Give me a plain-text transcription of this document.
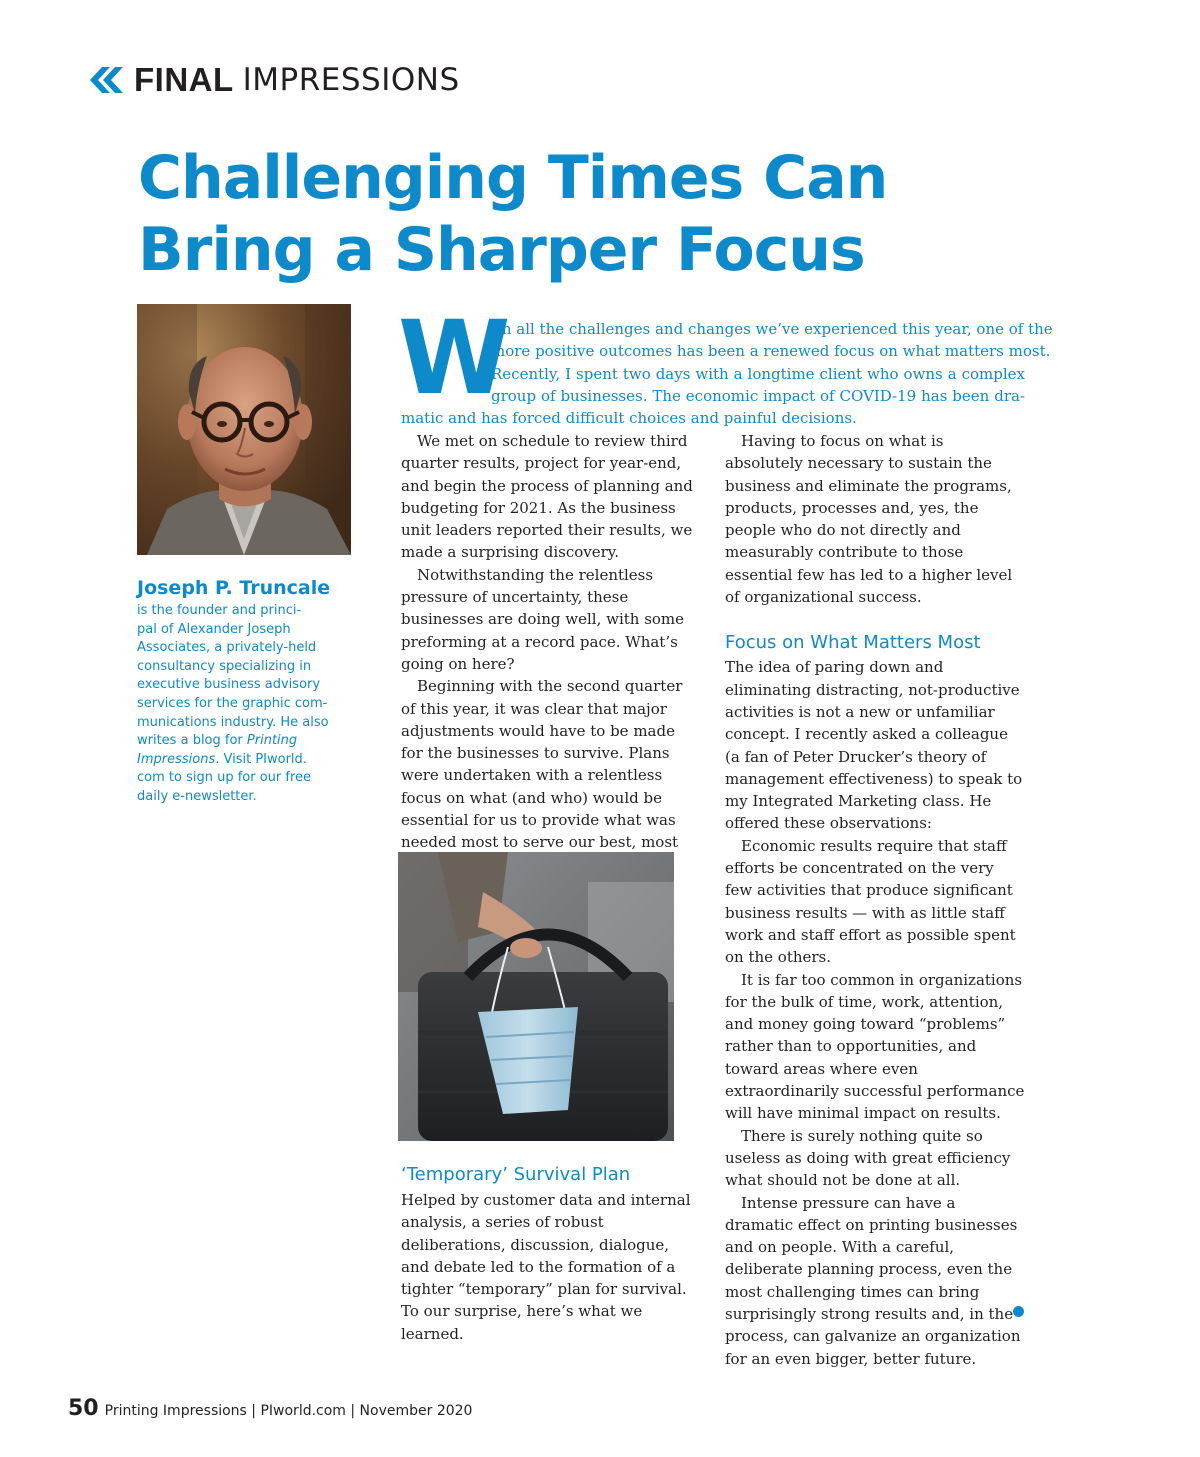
FINAL IMPRESSIONS
Challenging Times Can
Bring a Sharper Focus
Joseph P. Truncale
is the founder and princi-
pal of Alexander Joseph
Associates, a privately-held
consultancy specializing in
executive business advisory
services for the graphic com-
munications industry. He also
writes a blog for Printing
Impressions. Visit PIworld.
com to sign up for our free
daily e-newsletter.
W
ith all the challenges and changes we’ve experienced this year, one of the
more positive outcomes has been a renewed focus on what matters most.
Recently, I spent two days with a longtime client who owns a complex
group of businesses. The economic impact of COVID-19 has been dra-
matic and has forced difficult choices and painful decisions.

We met on schedule to review third quarter results, project for year-end, and begin the process of planning and budgeting for 2021. As the business unit leaders reported their results, we made a surprising discovery.

Notwithstanding the relentless pressure of uncertainty, these businesses are doing well, with some preforming at a record pace. What’s going on here?

Beginning with the second quarter of this year, it was clear that major adjustments would have to be made for the businesses to survive. Plans were undertaken with a relentless focus on what (and who) would be essential for us to provide what was needed most to serve our best, most

‘Temporary’ Survival Plan

Helped by customer data and internal analysis, a series of robust deliberations, discussion, dialogue, and debate led to the formation of a tighter “temporary” plan for survival. To our surprise, here’s what we learned.

Having to focus on what is absolutely necessary to sustain the business and eliminate the programs, products, processes and, yes, the people who do not directly and measurably contribute to those essential few has led to a higher level of organizational success.

Focus on What Matters Most

The idea of paring down and eliminating distracting, not-productive activities is not a new or unfamiliar concept. I recently asked a colleague (a fan of Peter Drucker’s theory of management effectiveness) to speak to my Integrated Marketing class. He offered these observations:

Economic results require that staff efforts be concentrated on the very few activities that produce significant business results — with as little staff work and staff effort as possible spent on the others.

It is far too common in organizations for the bulk of time, work, attention, and money going toward “problems” rather than to opportunities, and toward areas where even extraordinarily successful performance will have minimal impact on results.

There is surely nothing quite so useless as doing with great efficiency what should not be done at all.

Intense pressure can have a dramatic effect on printing businesses and on people. With a careful, deliberate planning process, even the most challenging times can bring surprisingly strong results and, in the process, can galvanize an organization for an even bigger, better future.

50 Printing Impressions | PIworld.com | November 2020
